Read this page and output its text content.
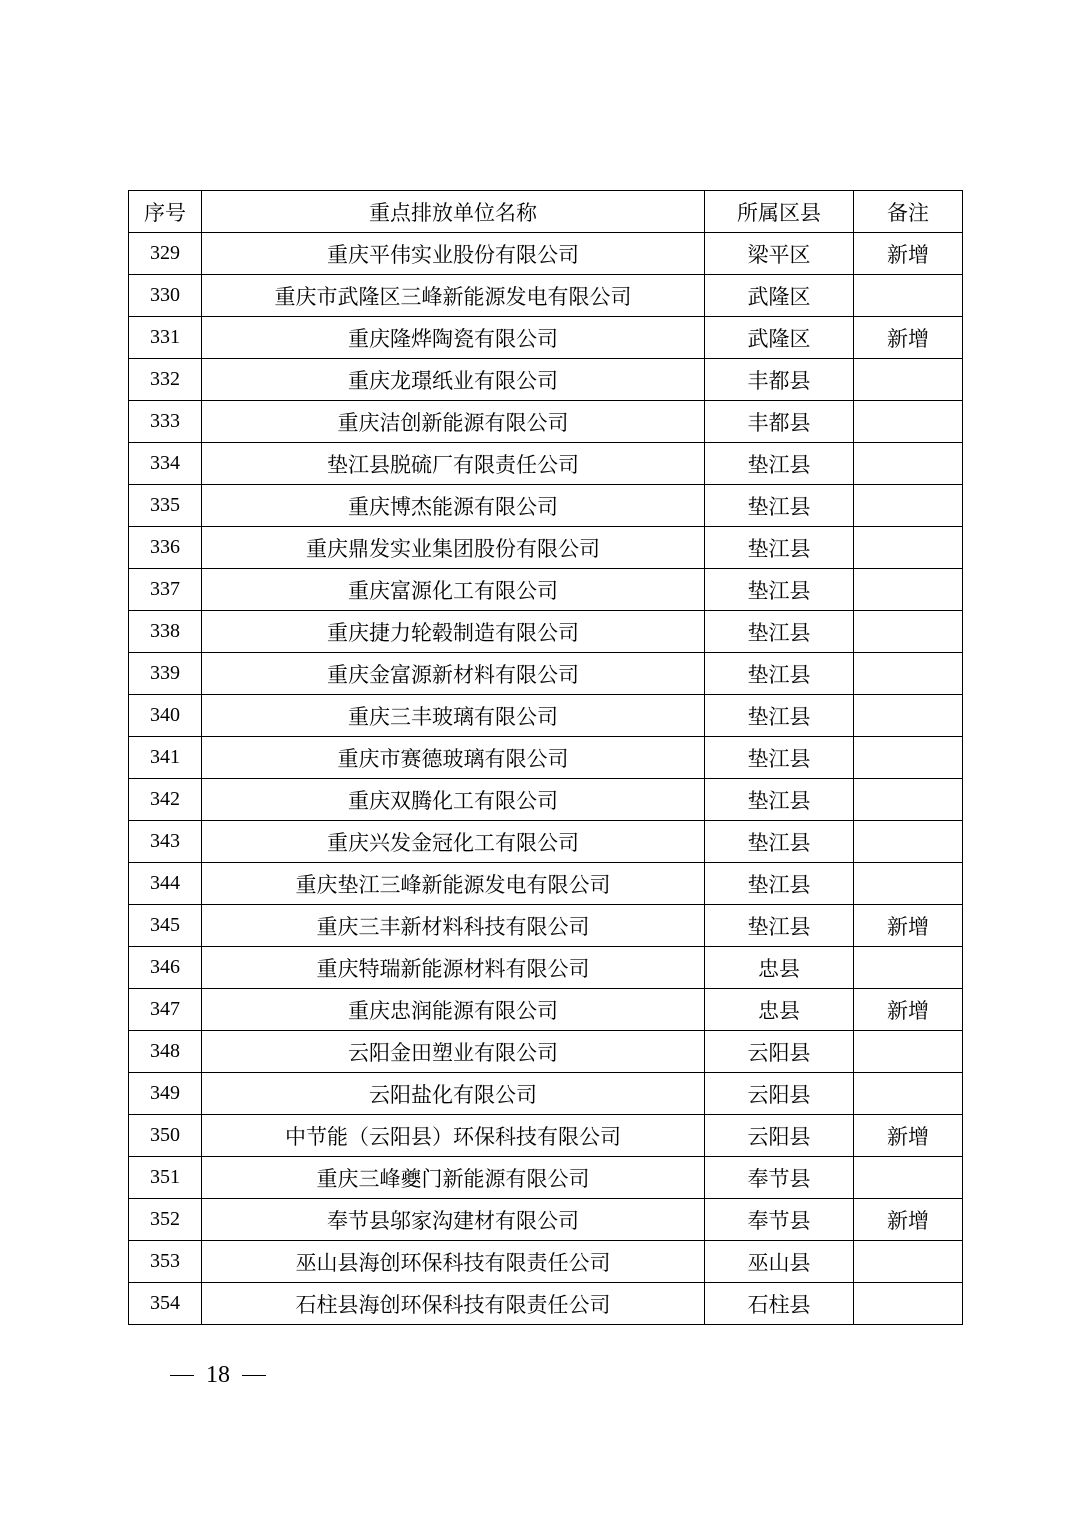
序号	重点排放单位名称	所属区县	备注
329	重庆平伟实业股份有限公司	梁平区	新增
330	重庆市武隆区三峰新能源发电有限公司	武隆区	
331	重庆隆烨陶瓷有限公司	武隆区	新增
332	重庆龙璟纸业有限公司	丰都县	
333	重庆洁创新能源有限公司	丰都县	
334	垫江县脱硫厂有限责任公司	垫江县	
335	重庆博杰能源有限公司	垫江县	
336	重庆鼎发实业集团股份有限公司	垫江县	
337	重庆富源化工有限公司	垫江县	
338	重庆捷力轮毂制造有限公司	垫江县	
339	重庆金富源新材料有限公司	垫江县	
340	重庆三丰玻璃有限公司	垫江县	
341	重庆市赛德玻璃有限公司	垫江县	
342	重庆双腾化工有限公司	垫江县	
343	重庆兴发金冠化工有限公司	垫江县	
344	重庆垫江三峰新能源发电有限公司	垫江县	
345	重庆三丰新材料科技有限公司	垫江县	新增
346	重庆特瑞新能源材料有限公司	忠县	
347	重庆忠润能源有限公司	忠县	新增
348	云阳金田塑业有限公司	云阳县	
349	云阳盐化有限公司	云阳县	
350	中节能（云阳县）环保科技有限公司	云阳县	新增
351	重庆三峰夔门新能源有限公司	奉节县	
352	奉节县邬家沟建材有限公司	奉节县	新增
353	巫山县海创环保科技有限责任公司	巫山县	
354	石柱县海创环保科技有限责任公司	石柱县	
18
